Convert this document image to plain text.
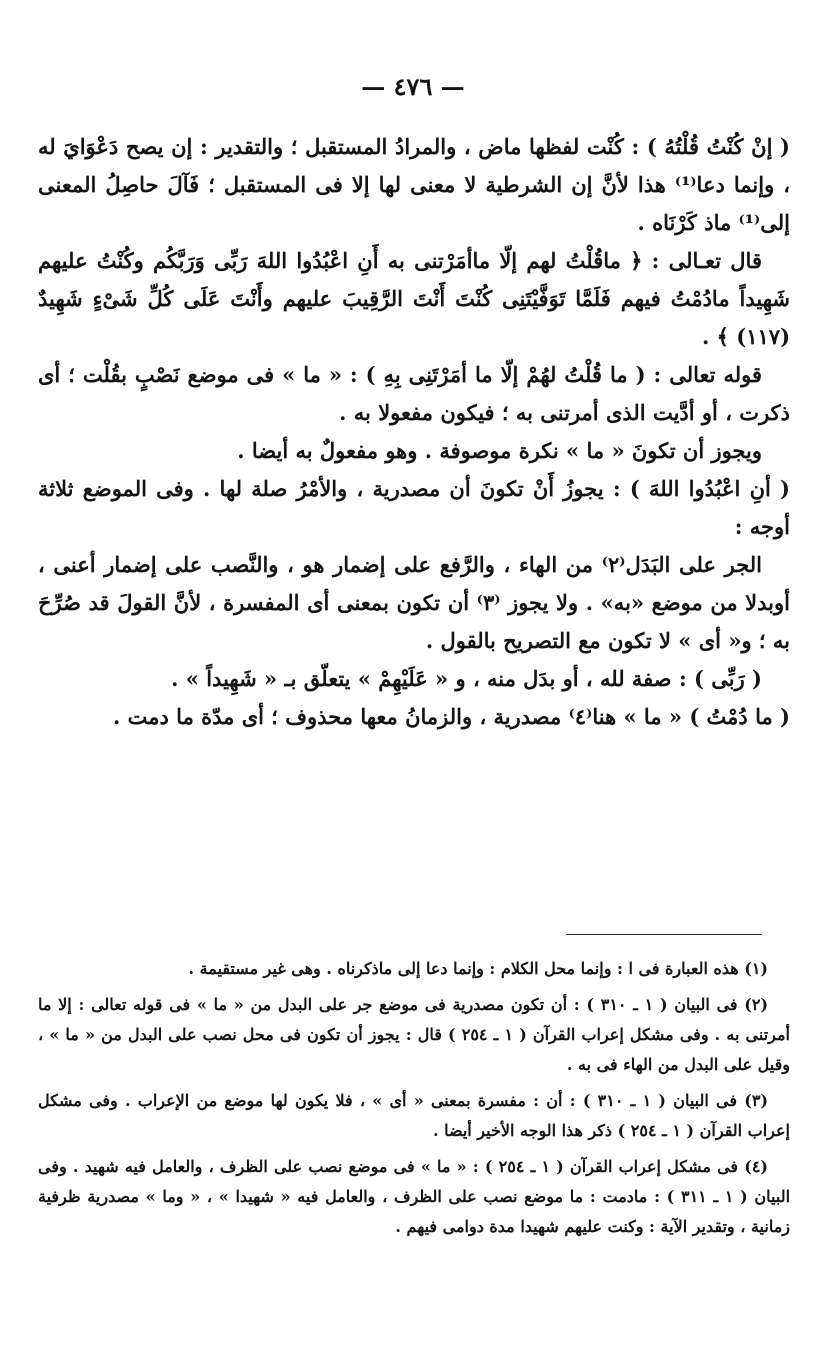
— ٤٧٦ —

( إنْ كُنْتُ قُلْتُهُ ) : كُنْت لفظها ماض ، والمرادُ المستقبل ؛ والتقدير : إن يصح دَعْوَايَ له ، وإنما دعا⁽¹⁾ هذا لأنَّ إن الشرطية لا معنى لها إلا فى المستقبل ؛ فَآلَ حاصِلُ المعنى إلى⁽¹⁾ ماذ كَرْنَاه .

قال تعـالى : ﴿ ماقُلْتُ لهم إلّا ماأمَرْتنى به أَنِ اعْبُدُوا اللهَ رَبِّى وَرَبَّكُم وكُنْتُ عليهم شَهِيداً مادُمْتُ فيهم فَلَمَّا تَوَفَّيْتَنِى كُنْتَ أَنْتَ الرَّقِيبَ عليهم وأَنْتَ عَلَى كُلِّ شَىْءٍ شَهِيدٌ (١١٧) ﴾ .

قوله تعالى : ( ما قُلْتُ لهُمْ إلّا ما أمَرْتَنِى بِهِ ) : « ما » فى موضع نَصْبٍ بقُلْت ؛ أى ذكرت ، أو أدَّيت الذى أمرتنى به ؛ فيكون مفعولا به .

ويجوز أن تكونَ « ما » نكرة موصوفة . وهو مفعولٌ به أيضا .

( أنِ اعْبُدُوا اللهَ ) : يجوزُ أَنْ تكونَ أن مصدرية ، والأمْرُ صلة لها . وفى الموضع ثلاثة أوجه :

الجر على البَدَل⁽٢⁾ من الهاء ، والرَّفع على إضمار هو ، والنَّصب على إضمار أعنى ، أوبدلا من موضع «به» . ولا يجوز ⁽٣⁾ أن تكون بمعنى أى المفسرة ، لأنَّ القولَ قد صُرِّحَ به ؛ و« أى » لا تكون مع التصريح بالقول .

( رَبِّى ) : صفة لله ، أو بدَل منه ، و « عَلَيْهِمْ » يتعلّق بـ « شَهِيداً » .

( ما دُمْتُ ) « ما » هنا⁽٤⁾ مصدرية ، والزمانُ معها محذوف ؛ أى مدّة ما دمت .

(١) هذه العبارة فى ا : وإنما محل الكلام : وإنما دعا إلى ماذكرناه . وهى غير مستقيمة .

(٢) فى البيان ( ١ ـ ٣١٠ ) : أن تكون مصدرية فى موضع جر على البدل من « ما » فى قوله تعالى : إلا ما أمرتنى به . وفى مشكل إعراب القرآن ( ١ ـ ٢٥٤ ) قال : يجوز أن تكون فى محل نصب على البدل من « ما » ، وقيل على البدل من الهاء فى به .

(٣) فى البيان ( ١ ـ ٣١٠ ) : أن : مفسرة بمعنى « أى » ، فلا يكون لها موضع من الإعراب . وفى مشكل إعراب القرآن ( ١ ـ ٢٥٤ ) ذكر هذا الوجه الأخير أيضا .

(٤) فى مشكل إعراب القرآن ( ١ ـ ٢٥٤ ) : « ما » فى موضع نصب على الظرف ، والعامل فيه شهيد . وفى البيان ( ١ ـ ٣١١ ) : مادمت : ما موضع نصب على الظرف ، والعامل فيه « شهيدا » ، « وما » مصدرية ظرفية زمانية ، وتقدير الآية : وكنت عليهم شهيدا مدة دوامى فيهم .
